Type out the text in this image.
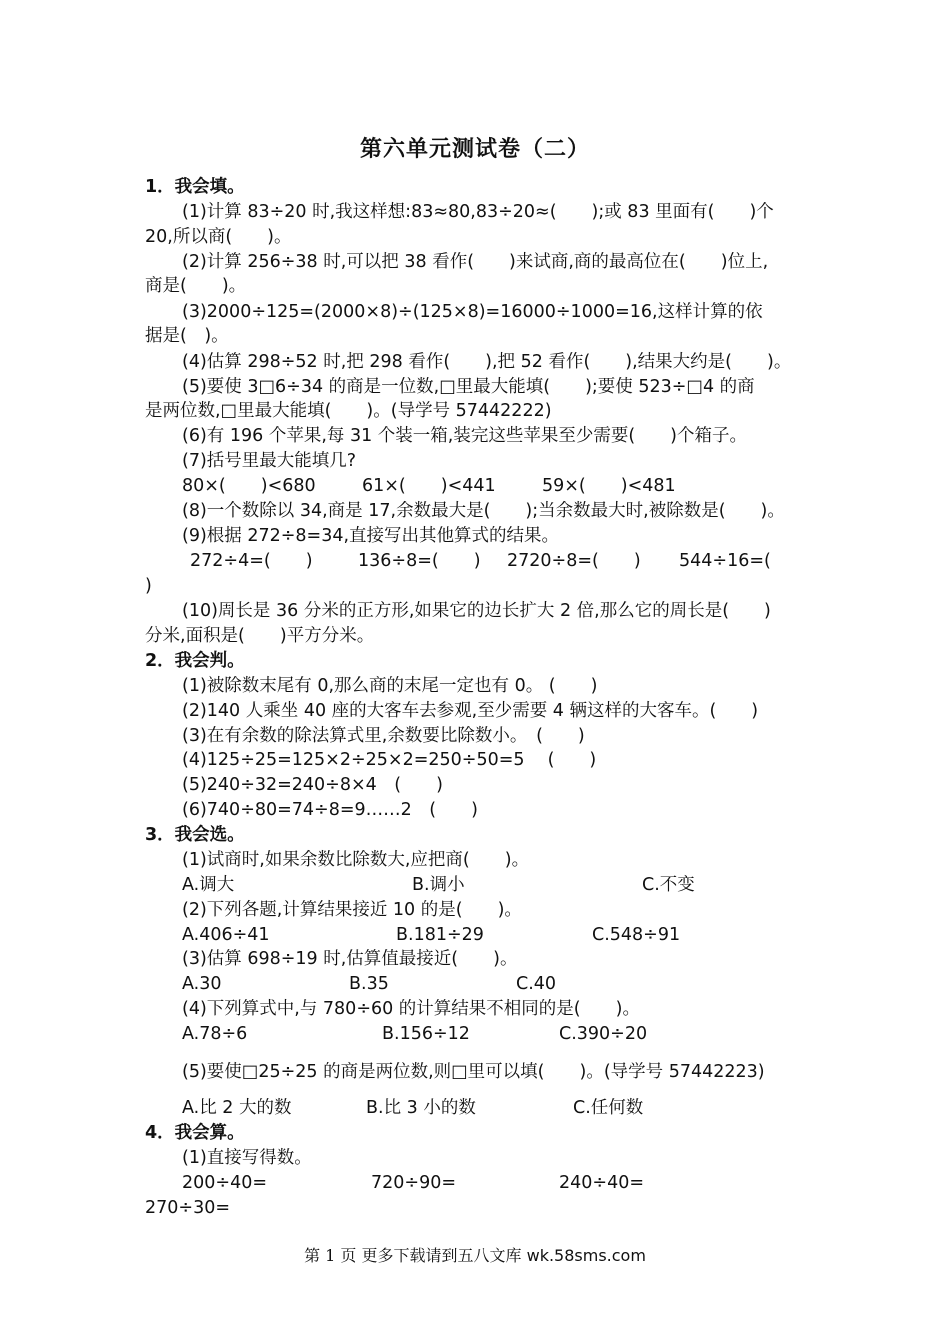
第六单元测试卷（二）
1．我会填。
(1)计算 83÷20 时,我这样想:83≈80,83÷20≈(　　);或 83 里面有(　　)个
20,所以商(　　)。
(2)计算 256÷38 时,可以把 38 看作(　　)来试商,商的最高位在(　　)位上,
商是(　　)。
(3)2000÷125=(2000×8)÷(125×8)=16000÷1000=16,这样计算的依
据是(　)。
(4)估算 298÷52 时,把 298 看作(　　),把 52 看作(　　),结果大约是(　　)。
(5)要使 3□6÷34 的商是一位数,□里最大能填(　　);要使 523÷□4 的商
是两位数,□里最大能填(　　)。(导学号 57442222)
(6)有 196 个苹果,每 31 个装一箱,装完这些苹果至少需要(　　)个箱子。
(7)括号里最大能填几?
80×(　　)<680	61×(　　)<441	59×(　　)<481
(8)一个数除以 34,商是 17,余数最大是(　　);当余数最大时,被除数是(　　)。
(9)根据 272÷8=34,直接写出其他算式的结果。
272÷4=(　　)	136÷8=(　　) 2720÷8=(　　) 544÷16=(
)
(10)周长是 36 分米的正方形,如果它的边长扩大 2 倍,那么它的周长是(　　)
分米,面积是(　　)平方分米。
2．我会判。
(1)被除数末尾有 0,那么商的末尾一定也有 0。 (　　)
(2)140 人乘坐 40 座的大客车去参观,至少需要 4 辆这样的大客车。(　　)
(3)在有余数的除法算式里,余数要比除数小。　(　　)
(4)125÷25=125×2÷25×2=250÷50=5　 (　　)
(5)240÷32=240÷8×4　(　　)
(6)740÷80=74÷8=9……2　(　　)
3．我会选。
(1)试商时,如果余数比除数大,应把商(　　)。
A.调大	B.调小	C.不变
(2)下列各题,计算结果接近 10 的是(　　)。
A.406÷41	B.181÷29	C.548÷91
(3)估算 698÷19 时,估算值最接近(　　)。
A.30	B.35	C.40
(4)下列算式中,与 780÷60 的计算结果不相同的是(　　)。
A.78÷6	B.156÷12	C.390÷20
(5)要使□25÷25 的商是两位数,则□里可以填(　　)。(导学号 57442223)
A.比 2 大的数	B.比 3 小的数	C.任何数
4．我会算。
(1)直接写得数。
200÷40=	720÷90=	240÷40=
270÷30=
第 1 页 更多下载请到五八文库 wk.58sms.com
